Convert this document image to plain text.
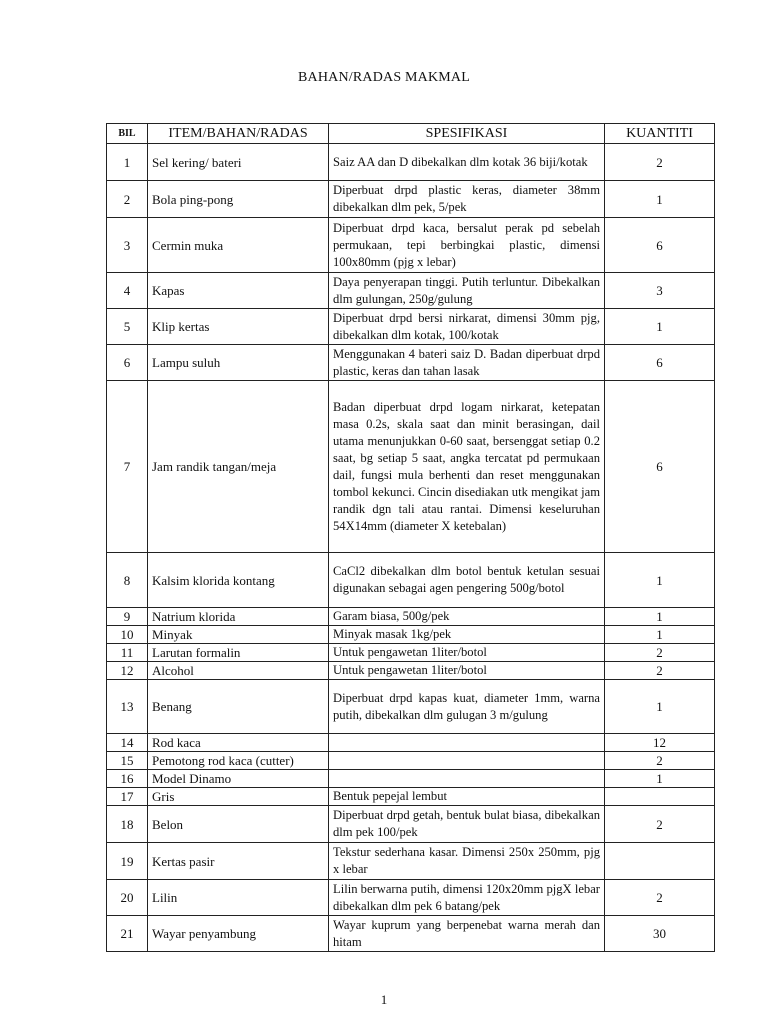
BAHAN/RADAS MAKMAL
BIL	ITEM/BAHAN/RADAS	SPESIFIKASI	KUANTITI
1	Sel kering/ bateri	Saiz AA dan D dibekalkan dlm kotak 36 biji/kotak	2
2	Bola ping-pong	Diperbuat drpd plastic keras, diameter 38mm dibekalkan dlm pek, 5/pek	1
3	Cermin muka	Diperbuat drpd kaca, bersalut perak pd sebelah permukaan, tepi berbingkai plastic, dimensi 100x80mm (pjg x lebar)	6
4	Kapas	Daya penyerapan tinggi. Putih terluntur. Dibekalkan dlm gulungan, 250g/gulung	3
5	Klip kertas	Diperbuat drpd bersi nirkarat, dimensi 30mm pjg, dibekalkan dlm kotak, 100/kotak	1
6	Lampu suluh	Menggunakan 4 bateri saiz D. Badan diperbuat drpd plastic, keras dan tahan lasak	6
7	Jam randik tangan/meja	Badan diperbuat drpd logam nirkarat, ketepatan masa 0.2s, skala saat dan minit berasingan, dail utama menunjukkan 0-60 saat, bersenggat setiap 0.2 saat, bg setiap 5 saat, angka tercatat pd permukaan dail, fungsi mula berhenti dan reset menggunakan tombol kekunci. Cincin disediakan utk mengikat jam randik dgn tali atau rantai. Dimensi keseluruhan 54X14mm (diameter X ketebalan)	6
8	Kalsim klorida kontang	CaCl2 dibekalkan dlm botol bentuk ketulan sesuai digunakan sebagai agen pengering 500g/botol	1
9	Natrium klorida	Garam biasa, 500g/pek	1
10	Minyak	Minyak masak 1kg/pek	1
11	Larutan formalin	Untuk pengawetan 1liter/botol	2
12	Alcohol	Untuk pengawetan 1liter/botol	2
13	Benang	Diperbuat drpd kapas kuat, diameter 1mm, warna putih, dibekalkan dlm gulugan 3 m/gulung	1
14	Rod kaca		12
15	Pemotong rod kaca (cutter)		2
16	Model Dinamo		1
17	Gris	Bentuk pepejal lembut	
18	Belon	Diperbuat drpd getah, bentuk bulat biasa, dibekalkan dlm pek 100/pek	2
19	Kertas pasir	Tekstur sederhana kasar. Dimensi 250x 250mm, pjg x lebar	
20	Lilin	Lilin berwarna putih, dimensi 120x20mm pjgX lebar dibekalkan dlm pek 6 batang/pek	2
21	Wayar penyambung	Wayar kuprum yang berpenebat warna merah dan hitam	30
1
